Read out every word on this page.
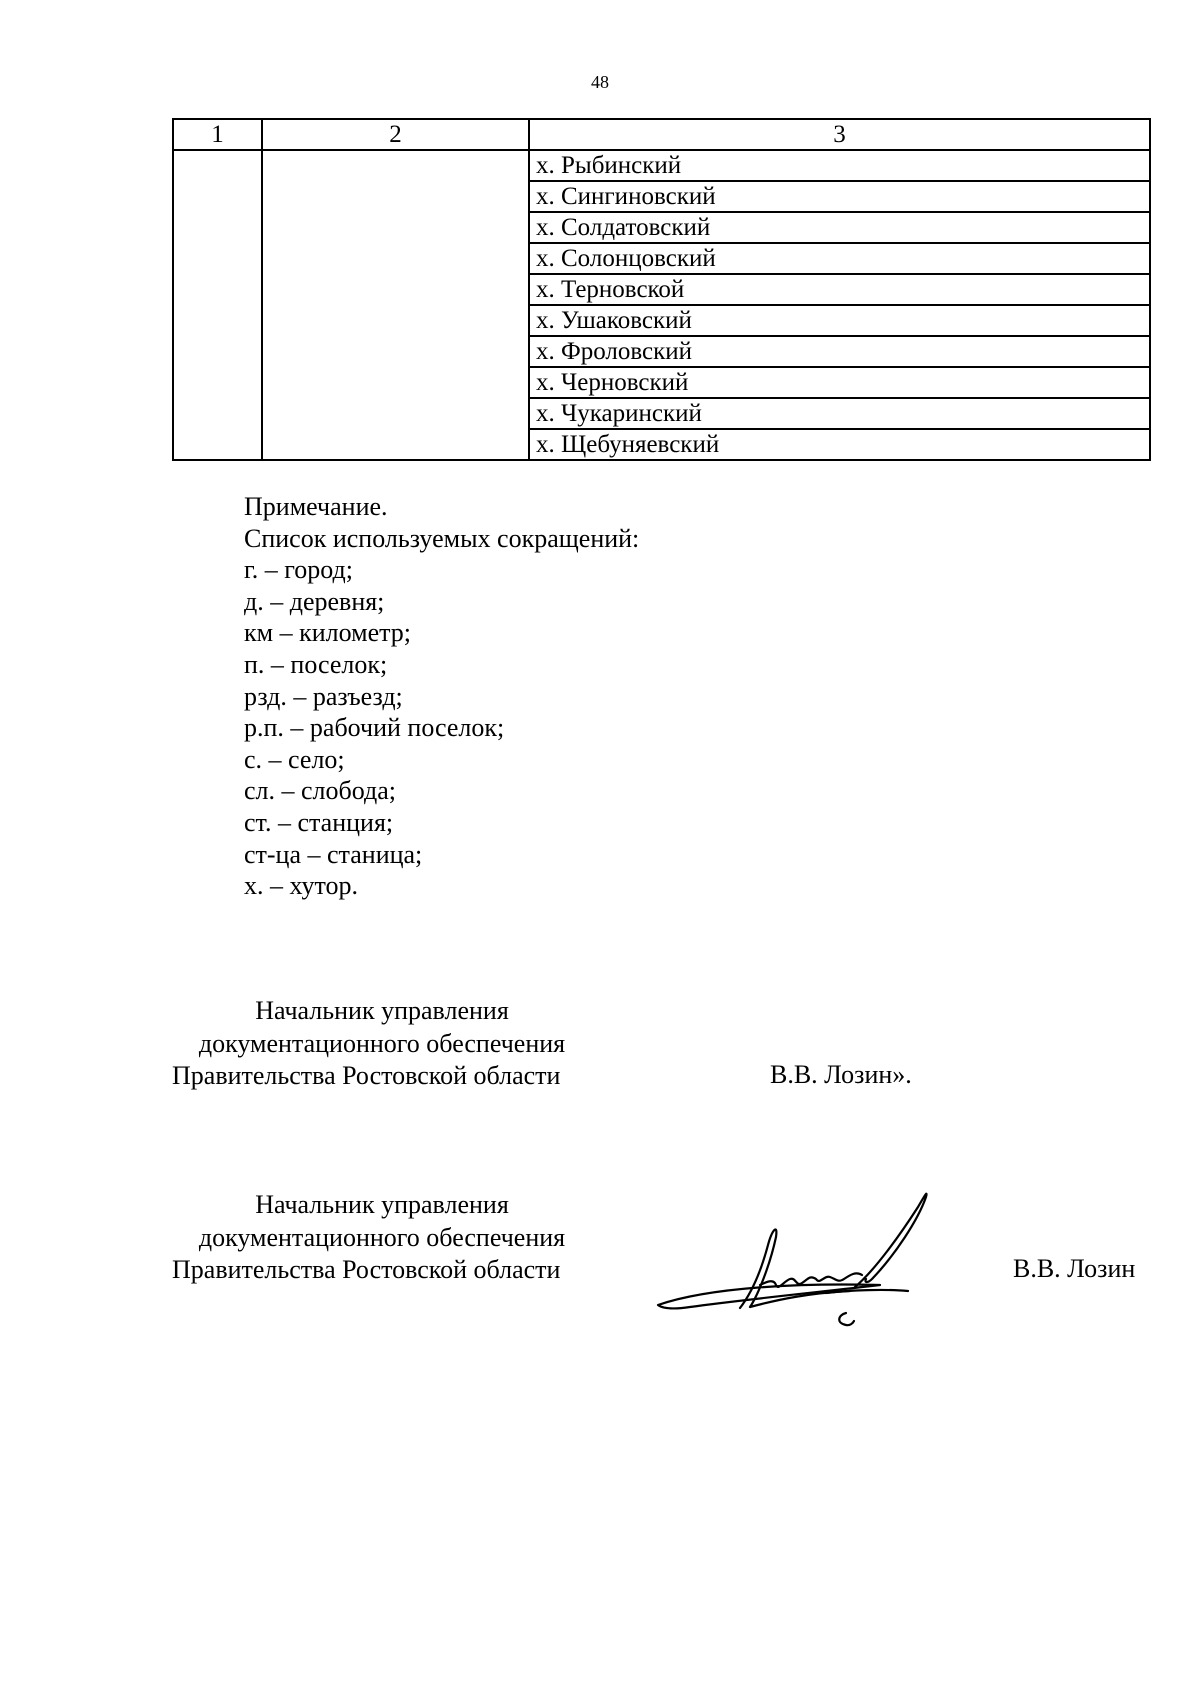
48
1	2	3
		х. Рыбинский
		х. Сингиновский
		х. Солдатовский
		х. Солонцовский
		х. Терновской
		х. Ушаковский
		х. Фроловский
		х. Черновский
		х. Чукаринский
		х. Щебуняевский
Примечание.
Список используемых сокращений:
г. – город;
д. – деревня;
км – километр;
п. – поселок;
рзд. – разъезд;
р.п. – рабочий поселок;
с. – село;
сл. – слобода;
ст. – станция;
ст-ца – станица;
х. – хутор.
Начальник управления
документационного обеспечения
Правительства Ростовской области	В.В. Лозин».
Начальник управления
документационного обеспечения
Правительства Ростовской области	В.В. Лозин
